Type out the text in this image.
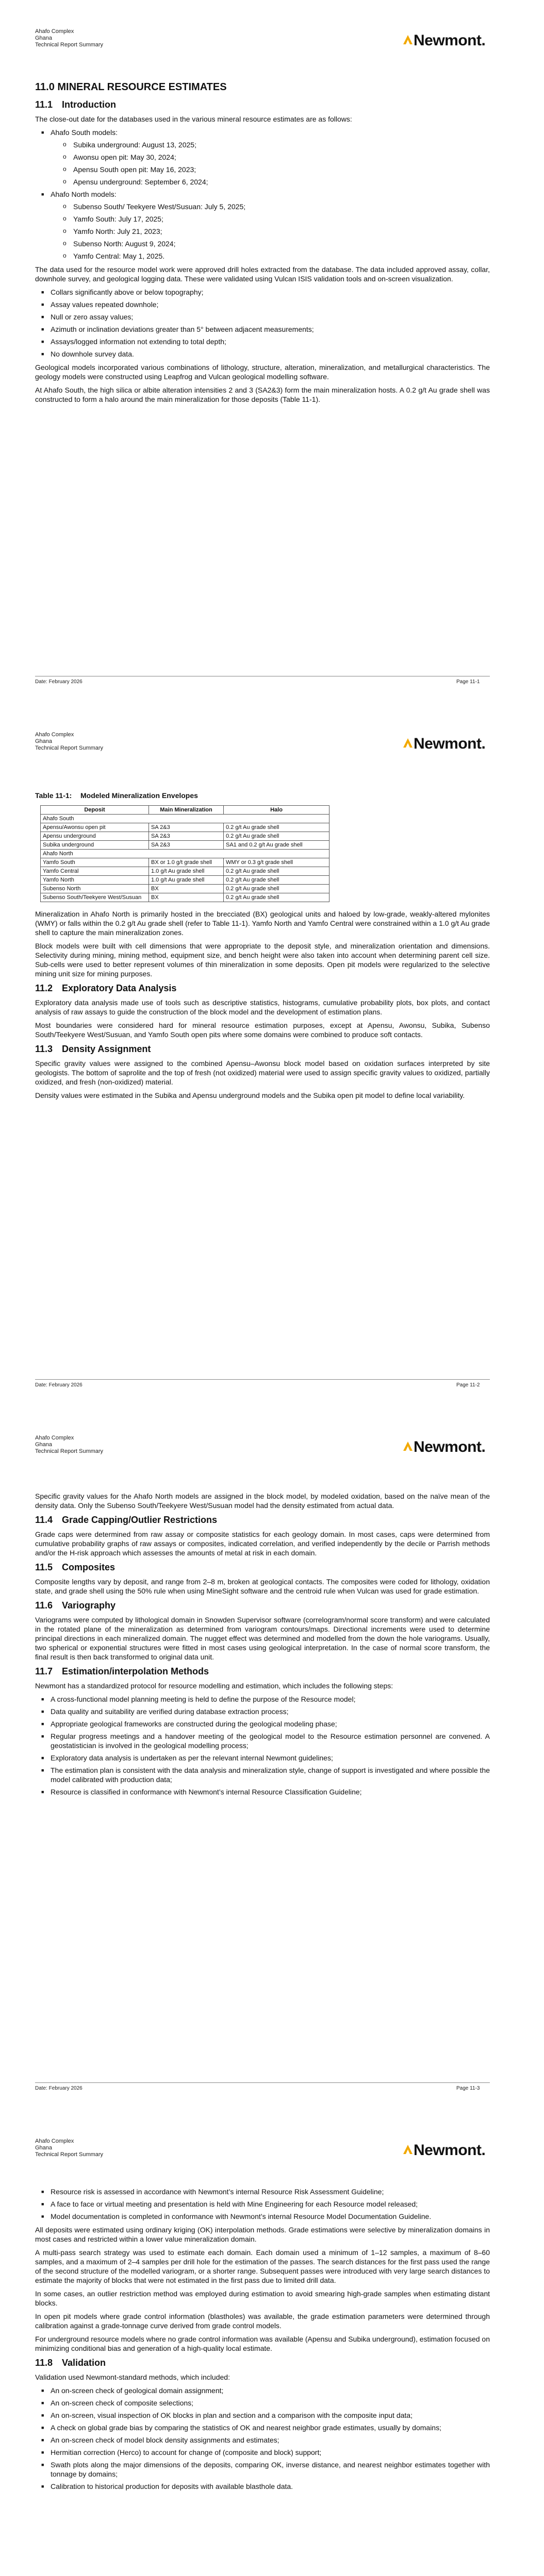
Ahafo Complex
Ghana
Technical Report Summary	Newmont.
11.0 MINERAL RESOURCE ESTIMATES
11.1 Introduction

The close-out date for the databases used in the various mineral resource estimates are as follows:

■ Ahafo South models:
o Subika underground: August 13, 2025;
o Awonsu open pit: May 30, 2024;
o Apensu South open pit: May 16, 2023;
o Apensu underground: September 6, 2024;
■ Ahafo North models:
o Subenso South/ Teekyere West/Susuan: July 5, 2025;
o Yamfo South: July 17, 2025;
o Yamfo North: July 21, 2023;
o Subenso North: August 9, 2024;
o Yamfo Central: May 1, 2025.

The data used for the resource model work were approved drill holes extracted from the database. The data included approved assay, collar, downhole survey, and geological logging data. These were validated using Vulcan ISIS validation tools and on-screen visualization.

■ Collars significantly above or below topography;
■ Assay values repeated downhole;
■ Null or zero assay values;
■ Azimuth or inclination deviations greater than 5° between adjacent measurements;
■ Assays/logged information not extending to total depth;
■ No downhole survey data.

Geological models incorporated various combinations of lithology, structure, alteration, mineralization, and metallurgical characteristics. The geology models were constructed using Leapfrog and Vulcan geological modelling software.

At Ahafo South, the high silica or albite alteration intensities 2 and 3 (SA2&3) form the main mineralization hosts. A 0.2 g/t Au grade shell was constructed to form a halo around the main mineralization for those deposits (Table 11-1).

Date: February 2026	Page 11-1
Ahafo Complex
Ghana
Technical Report Summary	Newmont.
Table 11-1: Modeled Mineralization Envelopes
Deposit	Main Mineralization	Halo
Ahafo South		
Apensu/Awonsu open pit	SA 2&3	0.2 g/t Au grade shell
Apensu underground	SA 2&3	0.2 g/t Au grade shell
Subika underground	SA 2&3	SA1 and 0.2 g/t Au grade shell
Ahafo North		
Yamfo South	BX or 1.0 g/t grade shell	WMY or 0.3 g/t grade shell
Yamfo Central	1.0 g/t Au grade shell	0.2 g/t Au grade shell
Yamfo North	1.0 g/t Au grade shell	0.2 g/t Au grade shell
Subenso North	BX	0.2 g/t Au grade shell
Subenso South/Teekyere West/Susuan	BX	0.2 g/t Au grade shell

Mineralization in Ahafo North is primarily hosted in the brecciated (BX) geological units and haloed by low-grade, weakly-altered mylonites (WMY) or falls within the 0.2 g/t Au grade shell (refer to Table 11-1). Yamfo North and Yamfo Central were constrained within a 1.0 g/t Au grade shell to capture the main mineralization zones.

Block models were built with cell dimensions that were appropriate to the deposit style, and mineralization orientation and dimensions. Selectivity during mining, mining method, equipment size, and bench height were also taken into account when determining parent cell size. Sub-cells were used to better represent volumes of thin mineralization in some deposits. Open pit models were regularized to the selective mining unit size for mining purposes.

11.2 Exploratory Data Analysis

Exploratory data analysis made use of tools such as descriptive statistics, histograms, cumulative probability plots, box plots, and contact analysis of raw assays to guide the construction of the block model and the development of estimation plans.

Most boundaries were considered hard for mineral resource estimation purposes, except at Apensu, Awonsu, Subika, Subenso South/Teekyere West/Susuan, and Yamfo South open pits where some domains were combined to produce soft contacts.

11.3 Density Assignment

Specific gravity values were assigned to the combined Apensu–Awonsu block model based on oxidation surfaces interpreted by site geologists. The bottom of saprolite and the top of fresh (not oxidized) material were used to assign specific gravity values to oxidized, partially oxidized, and fresh (non-oxidized) material.

Density values were estimated in the Subika and Apensu underground models and the Subika open pit model to define local variability.

Date: February 2026	Page 11-2
Ahafo Complex
Ghana
Technical Report Summary	Newmont.

Specific gravity values for the Ahafo North models are assigned in the block model, by modeled oxidation, based on the naïve mean of the density data. Only the Subenso South/Teekyere West/Susuan model had the density estimated from actual data.

11.4 Grade Capping/Outlier Restrictions

Grade caps were determined from raw assay or composite statistics for each geology domain. In most cases, caps were determined from cumulative probability graphs of raw assays or composites, indicated correlation, and verified independently by the decile or Parrish methods and/or the H-risk approach which assesses the amounts of metal at risk in each domain.

11.5 Composites

Composite lengths vary by deposit, and range from 2–8 m, broken at geological contacts. The composites were coded for lithology, oxidation state, and grade shell using the 50% rule when using MineSight software and the centroid rule when Vulcan was used for grade estimation.

11.6 Variography

Variograms were computed by lithological domain in Snowden Supervisor software (correlogram/normal score transform) and were calculated in the rotated plane of the mineralization as determined from variogram contours/maps. Directional increments were used to determine principal directions in each mineralized domain. The nugget effect was determined and modelled from the down the hole variograms. Usually, two spherical or exponential structures were fitted in most cases using geological interpretation. In the case of normal score transform, the final result is then back transformed to original data unit.

11.7 Estimation/interpolation Methods

Newmont has a standardized protocol for resource modelling and estimation, which includes the following steps:

■ A cross-functional model planning meeting is held to define the purpose of the Resource model;
■ Data quality and suitability are verified during database extraction process;
■ Appropriate geological frameworks are constructed during the geological modeling phase;
■ Regular progress meetings and a handover meeting of the geological model to the Resource estimation personnel are convened. A geostatistician is involved in the geological modelling process;
■ Exploratory data analysis is undertaken as per the relevant internal Newmont guidelines;
■ The estimation plan is consistent with the data analysis and mineralization style, change of support is investigated and where possible the model calibrated with production data;
■ Resource is classified in conformance with Newmont’s internal Resource Classification Guideline;
Date: February 2026	Page 11-3
Ahafo Complex
Ghana
Technical Report Summary	Newmont.
■ Resource risk is assessed in accordance with Newmont’s internal Resource Risk Assessment Guideline;
■ A face to face or virtual meeting and presentation is held with Mine Engineering for each Resource model released;
■ Model documentation is completed in conformance with Newmont’s internal Resource Model Documentation Guideline.

All deposits were estimated using ordinary kriging (OK) interpolation methods. Grade estimations were selective by mineralization domains in most cases and restricted within a lower value mineralization domain.

A multi-pass search strategy was used to estimate each domain. Each domain used a minimum of 1–12 samples, a maximum of 8–60 samples, and a maximum of 2–4 samples per drill hole for the estimation of the passes. The search distances for the first pass used the range of the second structure of the modelled variogram, or a shorter range. Subsequent passes were introduced with very large search distances to estimate the majority of blocks that were not estimated in the first pass due to limited drill data.

In some cases, an outlier restriction method was employed during estimation to avoid smearing high-grade samples when estimating distant blocks.

In open pit models where grade control information (blastholes) was available, the grade estimation parameters were determined through calibration against a grade-tonnage curve derived from grade control models.

For underground resource models where no grade control information was available (Apensu and Subika underground), estimation focused on minimizing conditional bias and generation of a high-quality local estimate.

11.8 Validation

Validation used Newmont-standard methods, which included:

■ An on-screen check of geological domain assignment;
■ An on-screen check of composite selections;
■ An on-screen, visual inspection of OK blocks in plan and section and a comparison with the composite input data;
■ A check on global grade bias by comparing the statistics of OK and nearest neighbor grade estimates, usually by domains;
■ An on-screen check of model block density assignments and estimates;
■ Hermitian correction (Herco) to account for change of (composite and block) support;
■ Swath plots along the major dimensions of the deposits, comparing OK, inverse distance, and nearest neighbor estimates together with tonnage by domains;
■ Calibration to historical production for deposits with available blasthole data.
